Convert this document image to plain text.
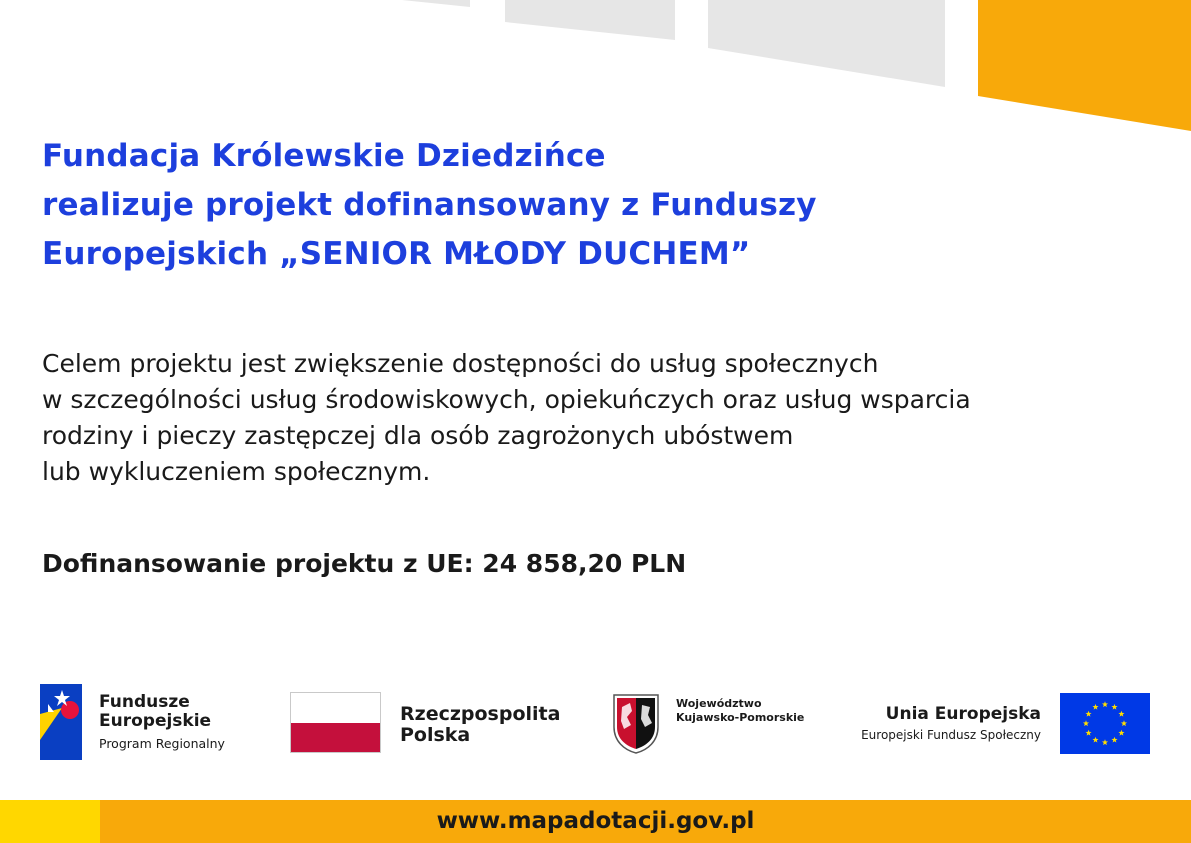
Fundacja Królewskie Dziedzińce
realizuje projekt dofinansowany z Funduszy
Europejskich „SENIOR MŁODY DUCHEM”

Celem projektu jest zwiększenie dostępności do usług społecznych
w szczególności usług środowiskowych, opiekuńczych oraz usług wsparcia
rodziny i pieczy zastępczej dla osób zagrożonych ubóstwem
lub wykluczeniem społecznym.

Dofinansowanie projektu z UE: 24 858,20 PLN
Fundusze
Europejskie
Program Regionalny
Rzeczpospolita
Polska
Województwo
Kujawsko-Pomorskie	Unia Europejska
Europejski Fundusz Społeczny
www.mapadotacji.gov.pl
